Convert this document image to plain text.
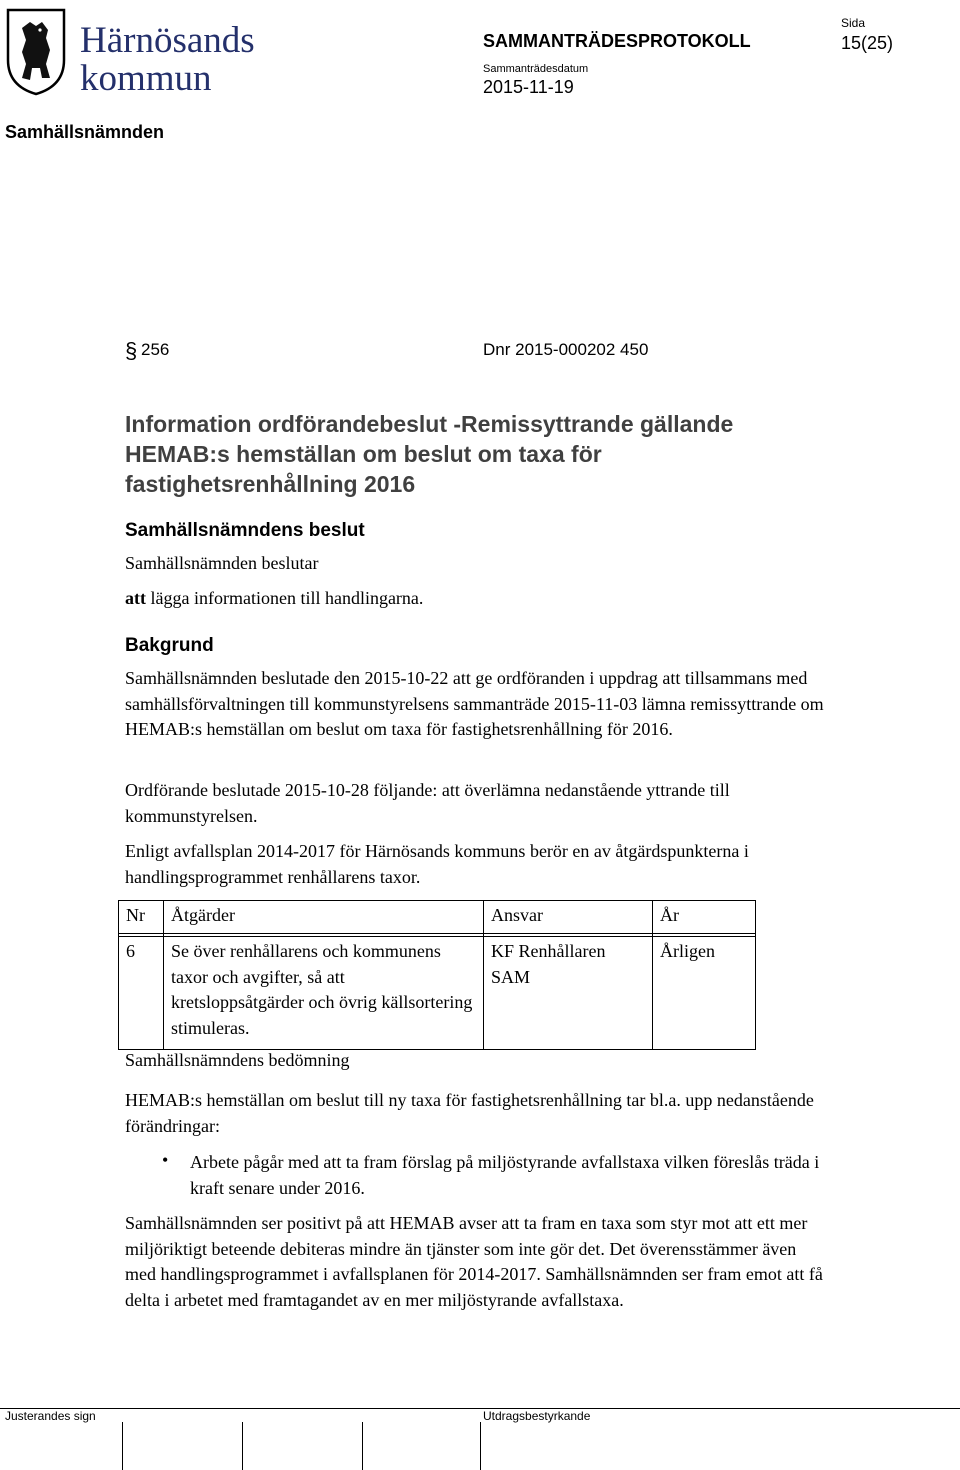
Härnösands
kommun
SAMMANTRÄDESPROTOKOLL
Sammanträdesdatum
2015-11-19
Sida
15(25)
Samhällsnämnden
§ 256	Dnr 2015-000202 450
Information ordförandebeslut -Remissyttrande gällande HEMAB:s hemställan om beslut om taxa för fastighetsrenhållning 2016
Samhällsnämndens beslut
Samhällsnämnden beslutar
att lägga informationen till handlingarna.
Bakgrund
Samhällsnämnden beslutade den 2015-10-22 att ge ordföranden i uppdrag att tillsammans med samhällsförvaltningen till kommunstyrelsens sammanträde 2015-11-03 lämna remissyttrande om HEMAB:s hemställan om beslut om taxa för fastighetsrenhållning för 2016.
Ordförande beslutade 2015-10-28 följande: att överlämna nedanstående yttrande till kommunstyrelsen.
Enligt avfallsplan 2014-2017 för Härnösands kommuns berör en av åtgärdspunkterna i handlingsprogrammet renhållarens taxor.
Nr	Åtgärder	Ansvar	År

6	Se över renhållarens och kommunens taxor och avgifter, så att kretsloppsåtgärder och övrig källsortering stimuleras.	KF Renhållaren SAM	Årligen
Samhällsnämndens bedömning
HEMAB:s hemställan om beslut till ny taxa för fastighetsrenhållning tar bl.a. upp nedanstående förändringar:
• Arbete pågår med att ta fram förslag på miljöstyrande avfallstaxa vilken föreslås träda i kraft senare under 2016.
Samhällsnämnden ser positivt på att HEMAB avser att ta fram en taxa som styr mot att ett mer miljöriktigt beteende debiteras mindre än tjänster som inte gör det. Det överensstämmer även med handlingsprogrammet i avfallsplanen för 2014-2017. Samhällsnämnden ser fram emot att få delta i arbetet med framtagandet av en mer miljöstyrande avfallstaxa.
Justerandes sign	Utdragsbestyrkande
